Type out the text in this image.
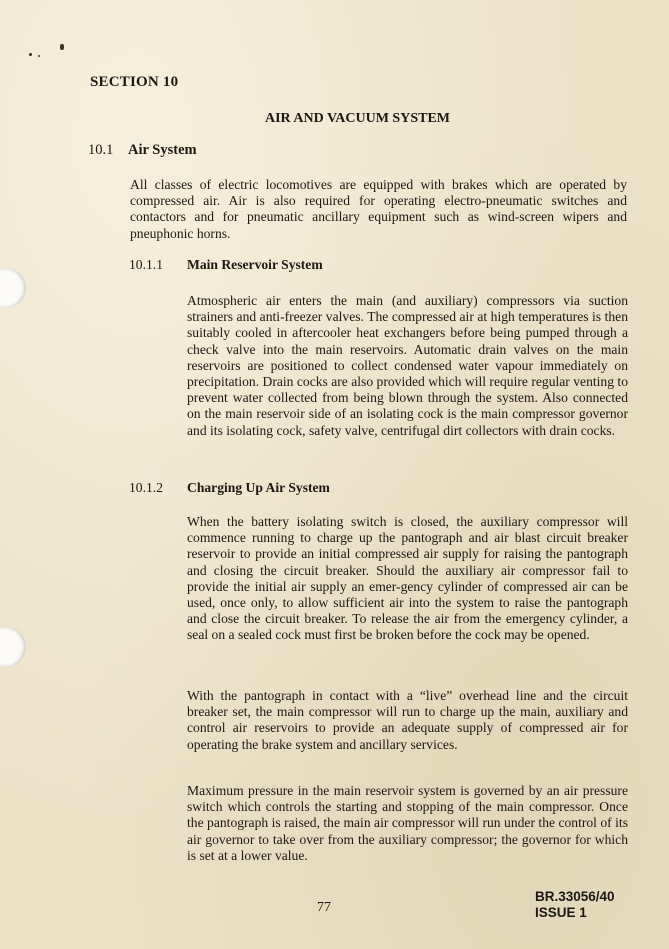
SECTION 10
AIR AND VACUUM SYSTEM
10.1 Air System

All classes of electric locomotives are equipped with brakes which are operated by compressed air. Air is also required for operating electro-pneumatic switches and contactors and for pneumatic ancillary equipment such as wind-screen wipers and pneuphonic horns.

10.1.1 Main Reservoir System

Atmospheric air enters the main (and auxiliary) compressors via suction strainers and anti-freezer valves. The compressed air at high temperatures is then suitably cooled in aftercooler heat exchangers before being pumped through a check valve into the main reservoirs. Automatic drain valves on the main reservoirs are positioned to collect condensed water vapour immediately on precipitation. Drain cocks are also provided which will require regular venting to prevent water collected from being blown through the system. Also connected on the main reservoir side of an isolating cock is the main compressor governor and its isolating cock, safety valve, centrifugal dirt collectors with drain cocks.

10.1.2 Charging Up Air System

When the battery isolating switch is closed, the auxiliary compressor will commence running to charge up the pantograph and air blast circuit breaker reservoir to provide an initial compressed air supply for raising the pantograph and closing the circuit breaker. Should the auxiliary air compressor fail to provide the initial air supply an emer-gency cylinder of compressed air can be used, once only, to allow sufficient air into the system to raise the pantograph and close the circuit breaker. To release the air from the emergency cylinder, a seal on a sealed cock must first be broken before the cock may be opened.

With the pantograph in contact with a “live” overhead line and the circuit breaker set, the main compressor will run to charge up the main, auxiliary and control air reservoirs to provide an adequate supply of compressed air for operating the brake system and ancillary services.

Maximum pressure in the main reservoir system is governed by an air pressure switch which controls the starting and stopping of the main compressor. Once the pantograph is raised, the main air compressor will run under the control of its air governor to take over from the auxiliary compressor; the governor for which is set at a lower value.

77
BR.33056/40
ISSUE 1
